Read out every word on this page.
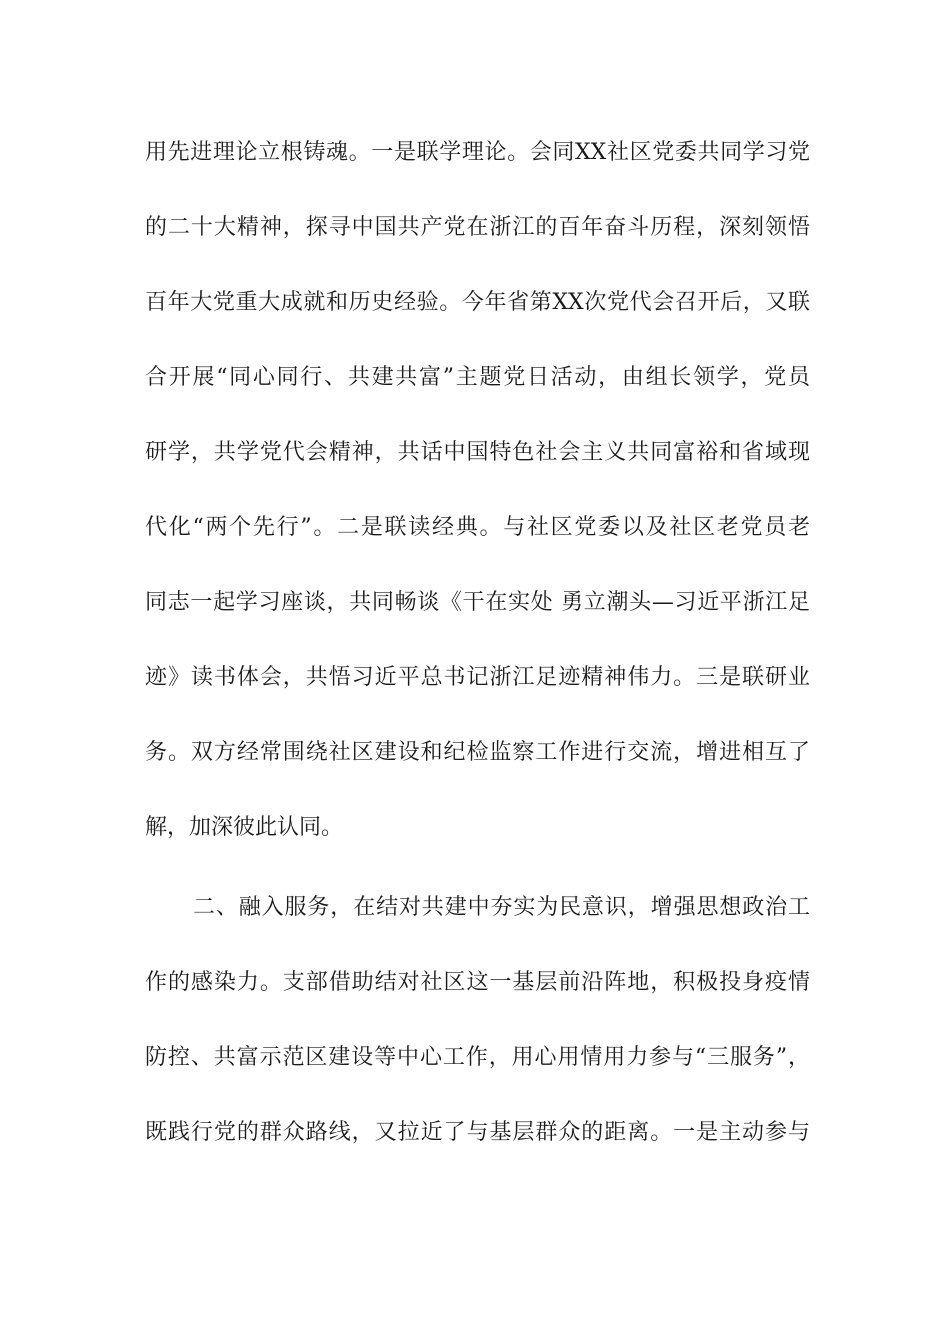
用先进理论立根铸魂。一是联学理论。会同XX社区党委共同学习党
的二十大精神，探寻中国共产党在浙江的百年奋斗历程，深刻领悟
百年大党重大成就和历史经验。今年省第XX次党代会召开后，又联
合开展“同心同行、共建共富”主题党日活动，由组长领学，党员
研学，共学党代会精神，共话中国特色社会主义共同富裕和省域现
代化“两个先行”。二是联读经典。与社区党委以及社区老党员老
同志一起学习座谈，共同畅谈《干在实处 勇立潮头—习近平浙江足
迹》读书体会，共悟习近平总书记浙江足迹精神伟力。三是联研业
务。双方经常围绕社区建设和纪检监察工作进行交流，增进相互了
解，加深彼此认同。
二、融入服务，在结对共建中夯实为民意识，增强思想政治工
作的感染力。支部借助结对社区这一基层前沿阵地，积极投身疫情
防控、共富示范区建设等中心工作，用心用情用力参与“三服务”，
既践行党的群众路线，又拉近了与基层群众的距离。一是主动参与
